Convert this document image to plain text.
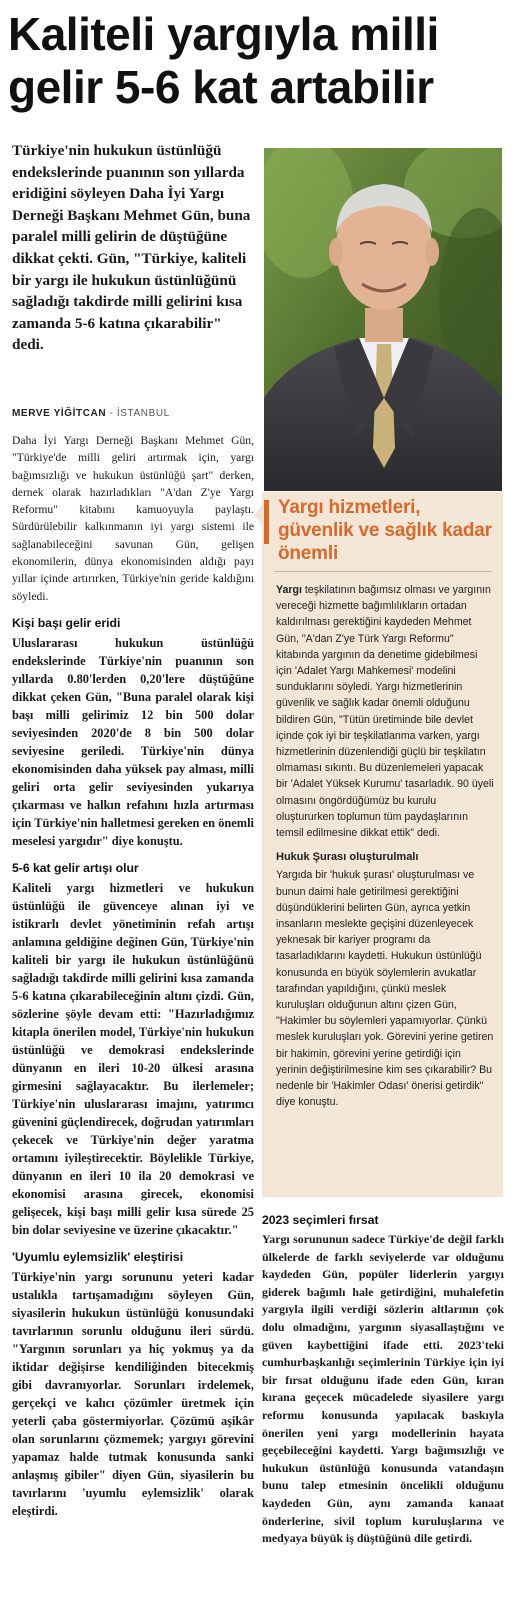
Kaliteli yargıyla milli gelir 5-6 kat artabilir
Türkiye'nin hukukun üstünlüğü endekslerinde puanının son yıllarda eridiğini söyleyen Daha İyi Yargı Derneği Başkanı Mehmet Gün, buna paralel milli gelirin de düştüğüne dikkat çekti. Gün, "Türkiye, kaliteli bir yargı ile hukukun üstünlüğünü sağladığı takdirde milli gelirini kısa zamanda 5-6 katına çıkarabilir" dedi.
MERVE YİĞİTCAN - İSTANBUL

Daha İyi Yargı Derneği Başkanı Mehmet Gün, "Türkiye'de milli geliri artırmak için, yargı bağımsızlığı ve hukukun üstünlüğü şart" derken, dernek olarak hazırladıkları "A'dan Z'ye Yargı Reformu" kitabını kamuoyuyla paylaştı. Sürdürülebilir kalkınmanın iyi yargı sistemi ile sağlanabileceğini savunan Gün, gelişen ekonomilerin, dünya ekonomisinden aldığı payı yıllar içinde artırırken, Türkiye'nin geride kaldığını söyledi.

Kişi başı gelir eridi

Uluslararası hukukun üstünlüğü endekslerinde Türkiye'nin puanının son yıllarda 0.80'lerden 0,20'lere düştüğüne dikkat çeken Gün, "Buna paralel olarak kişi başı milli gelirimiz 12 bin 500 dolar seviyesinden 2020'de 8 bin 500 dolar seviyesine geriledi. Türkiye'nin dünya ekonomisinden daha yüksek pay alması, milli geliri orta gelir seviyesinden yukarıya çıkarması ve halkın refahını hızla artırması için Türkiye'nin halletmesi gereken en önemli meselesi yargıdır" diye konuştu.

5-6 kat gelir artışı olur

Kaliteli yargı hizmetleri ve hukukun üstünlüğü ile güvenceye alınan iyi ve istikrarlı devlet yönetiminin refah artışı anlamına geldiğine değinen Gün, Türkiye'nin kaliteli bir yargı ile hukukun üstünlüğünü sağladığı takdirde milli gelirini kısa zamanda 5-6 katına çıkarabileceğinin altını çizdi. Gün, sözlerine şöyle devam etti: "Hazırladığımız kitapla önerilen model, Türkiye'nin hukukun üstünlüğü ve demokrasi endekslerinde dünyanın en ileri 10-20 ülkesi arasına girmesini sağlayacaktır. Bu ilerlemeler; Türkiye'nin uluslararası imajını, yatırımcı güvenini güçlendirecek, doğrudan yatırımları çekecek ve Türkiye'nin değer yaratma ortamını iyileştirecektir. Böylelikle Türkiye, dünyanın en ileri 10 ila 20 demokrasi ve ekonomisi arasına girecek, ekonomisi gelişecek, kişi başı milli gelir kısa sürede 25 bin dolar seviyesine ve üzerine çıkacaktır."

'Uyumlu eylemsizlik' eleştirisi

Türkiye'nin yargı sorununu yeteri kadar ustalıkla tartışamadığını söyleyen Gün, siyasilerin hukukun üstünlüğü konusundaki tavırlarının sorunlu olduğunu ileri sürdü. "Yargının sorunları ya hiç yokmuş ya da iktidar değişirse kendiliğinden bitecekmiş gibi davranıyorlar. Sorunları irdelemek, gerçekçi ve kalıcı çözümler üretmek için yeterli çaba göstermiyorlar. Çözümü aşikâr olan sorunlarını çözmemek; yargıyı görevini yapamaz halde tutmak konusunda sanki anlaşmış gibiler" diyen Gün, siyasilerin bu tavırlarını 'uyumlu eylemsizlik' olarak eleştirdi.

Yargı hizmetleri, güvenlik ve sağlık kadar önemli

Yargı teşkilatının bağımsız olması ve yargının vereceği hizmette bağımlılıkların ortadan kaldırılması gerektiğini kaydeden Mehmet Gün, "A'dan Z'ye Türk Yargı Reformu" kitabında yargının da denetime gidebilmesi için 'Adalet Yargı Mahkemesi' modelini sunduklarını söyledi. Yargı hizmetlerinin güvenlik ve sağlık kadar önemli olduğunu bildiren Gün, "Tütün üretiminde bile devlet içinde çok iyi bir teşkilatlanma varken, yargı hizmetlerinin düzenlendiği güçlü bir teşkilatın olmaması sıkıntı. Bu düzenlemeleri yapacak bir 'Adalet Yüksek Kurumu' tasarladık. 90 üyeli olmasını öngördüğümüz bu kurulu oluştururken toplumun tüm paydaşlarının temsil edilmesine dikkat ettik" dedi.

Hukuk Şurası oluşturulmalı

Yargıda bir 'hukuk şurası' oluşturulması ve bunun daimi hale getirilmesi gerektiğini düşündüklerini belirten Gün, ayrıca yetkin insanların meslekte geçişini düzenleyecek yeknesak bir kariyer programı da tasarladıklarını kaydetti. Hukukun üstünlüğü konusunda en büyük söylemlerin avukatlar tarafından yapıldığını, çünkü meslek kuruluşları olduğunun altını çizen Gün, "Hakimler bu söylemleri yapamıyorlar. Çünkü meslek kuruluşları yok. Görevini yerine getiren bir hakimin, görevini yerine getirdiği için yerinin değiştirilmesine kim ses çıkarabilir? Bu nedenle bir 'Hakimler Odası' önerisi getirdik" diye konuştu.

2023 seçimleri fırsat

Yargı sorununun sadece Türkiye'de değil farklı ülkelerde de farklı seviyelerde var olduğunu kaydeden Gün, popüler liderlerin yargıyı giderek bağımlı hale getirdiğini, muhalefetin yargıyla ilgili verdiği sözlerin altlarının çok dolu olmadığını, yargının siyasallaştığını ve güven kaybettiğini ifade etti. 2023'teki cumhurbaşkanlığı seçimlerinin Türkiye için iyi bir fırsat olduğunu ifade eden Gün, kıran kırana geçecek mücadelede siyasilere yargı reformu konusunda yapılacak baskıyla önerilen yeni yargı modellerinin hayata geçebileceğini kaydetti. Yargı bağımsızlığı ve hukukun üstünlüğü konusunda vatandaşın bunu talep etmesinin öncelikli olduğunu kaydeden Gün, aynı zamanda kanaat önderlerine, sivil toplum kuruluşlarına ve medyaya büyük iş düştüğünü dile getirdi.
